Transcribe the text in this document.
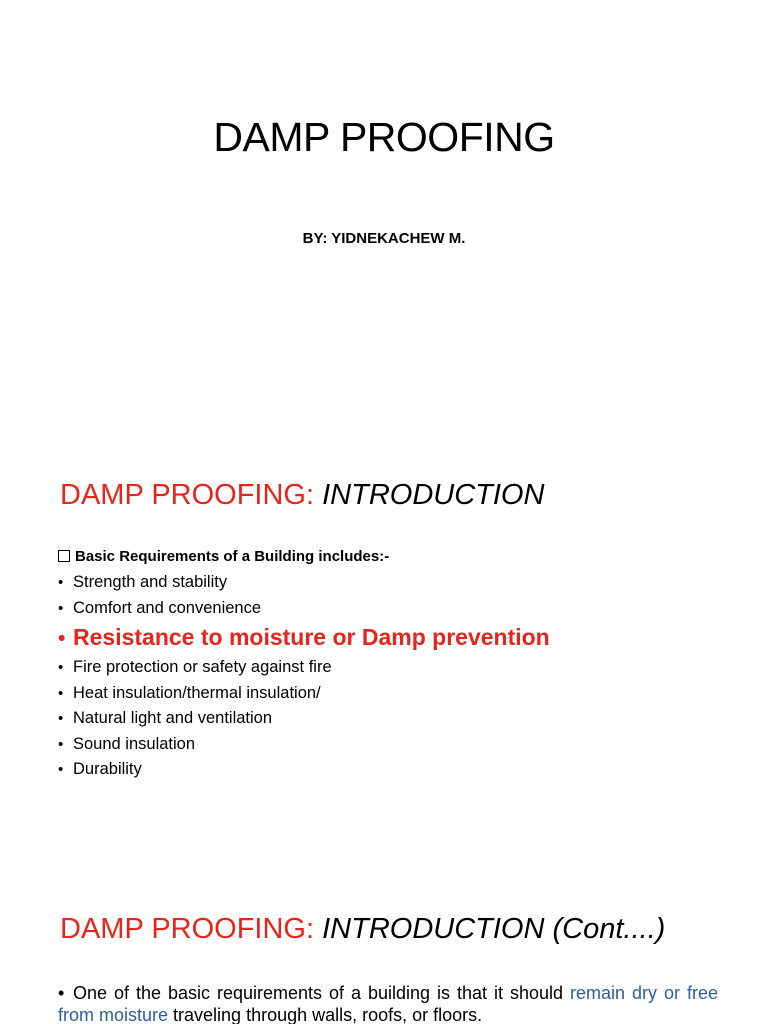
DAMP PROOFING
BY: YIDNEKACHEW M.
DAMP PROOFING: INTRODUCTION
Basic Requirements of a Building includes:-
• Strength and stability
• Comfort and convenience
• Resistance to moisture or Damp prevention
• Fire protection or safety against fire
• Heat insulation/thermal insulation/
• Natural light and ventilation
• Sound insulation
• Durability
DAMP PROOFING: INTRODUCTION (Cont....)

• One of the basic requirements of a building is that it should remain dry or free from moisture traveling through walls, roofs, or floors.
